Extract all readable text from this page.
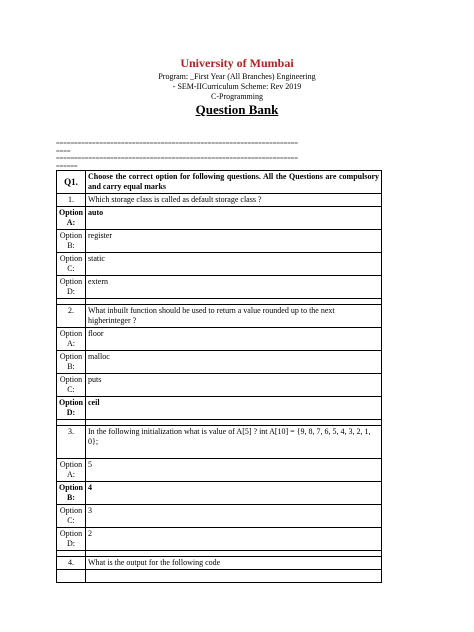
University of Mumbai
Program: _First Year (All Branches) Engineering
- SEM-IICurriculum Scheme: Rev 2019
C-Programming
Question Bank
===================================================================
====
===================================================================
======
Q1.	Choose the correct option for following questions. All the Questions are compulsory and carry equal marks
1.	Which storage class is called as default storage class ?
Option A:	auto
Option B:	register
Option C:	static
Option D:	extern

2.	What inbuilt function should be used to return a value rounded up to the next higherinteger ?
Option A:	floor
Option B:	malloc
Option C:	puts
Option D:	ceil

3.	In the following initialization what is value of A[5] ? int A[10] = {9, 8, 7, 6, 5, 4, 3, 2, 1, 0};
Option A:	5
Option B:	4
Option C:	3
Option D:	2

4.	What is the output for the following code
